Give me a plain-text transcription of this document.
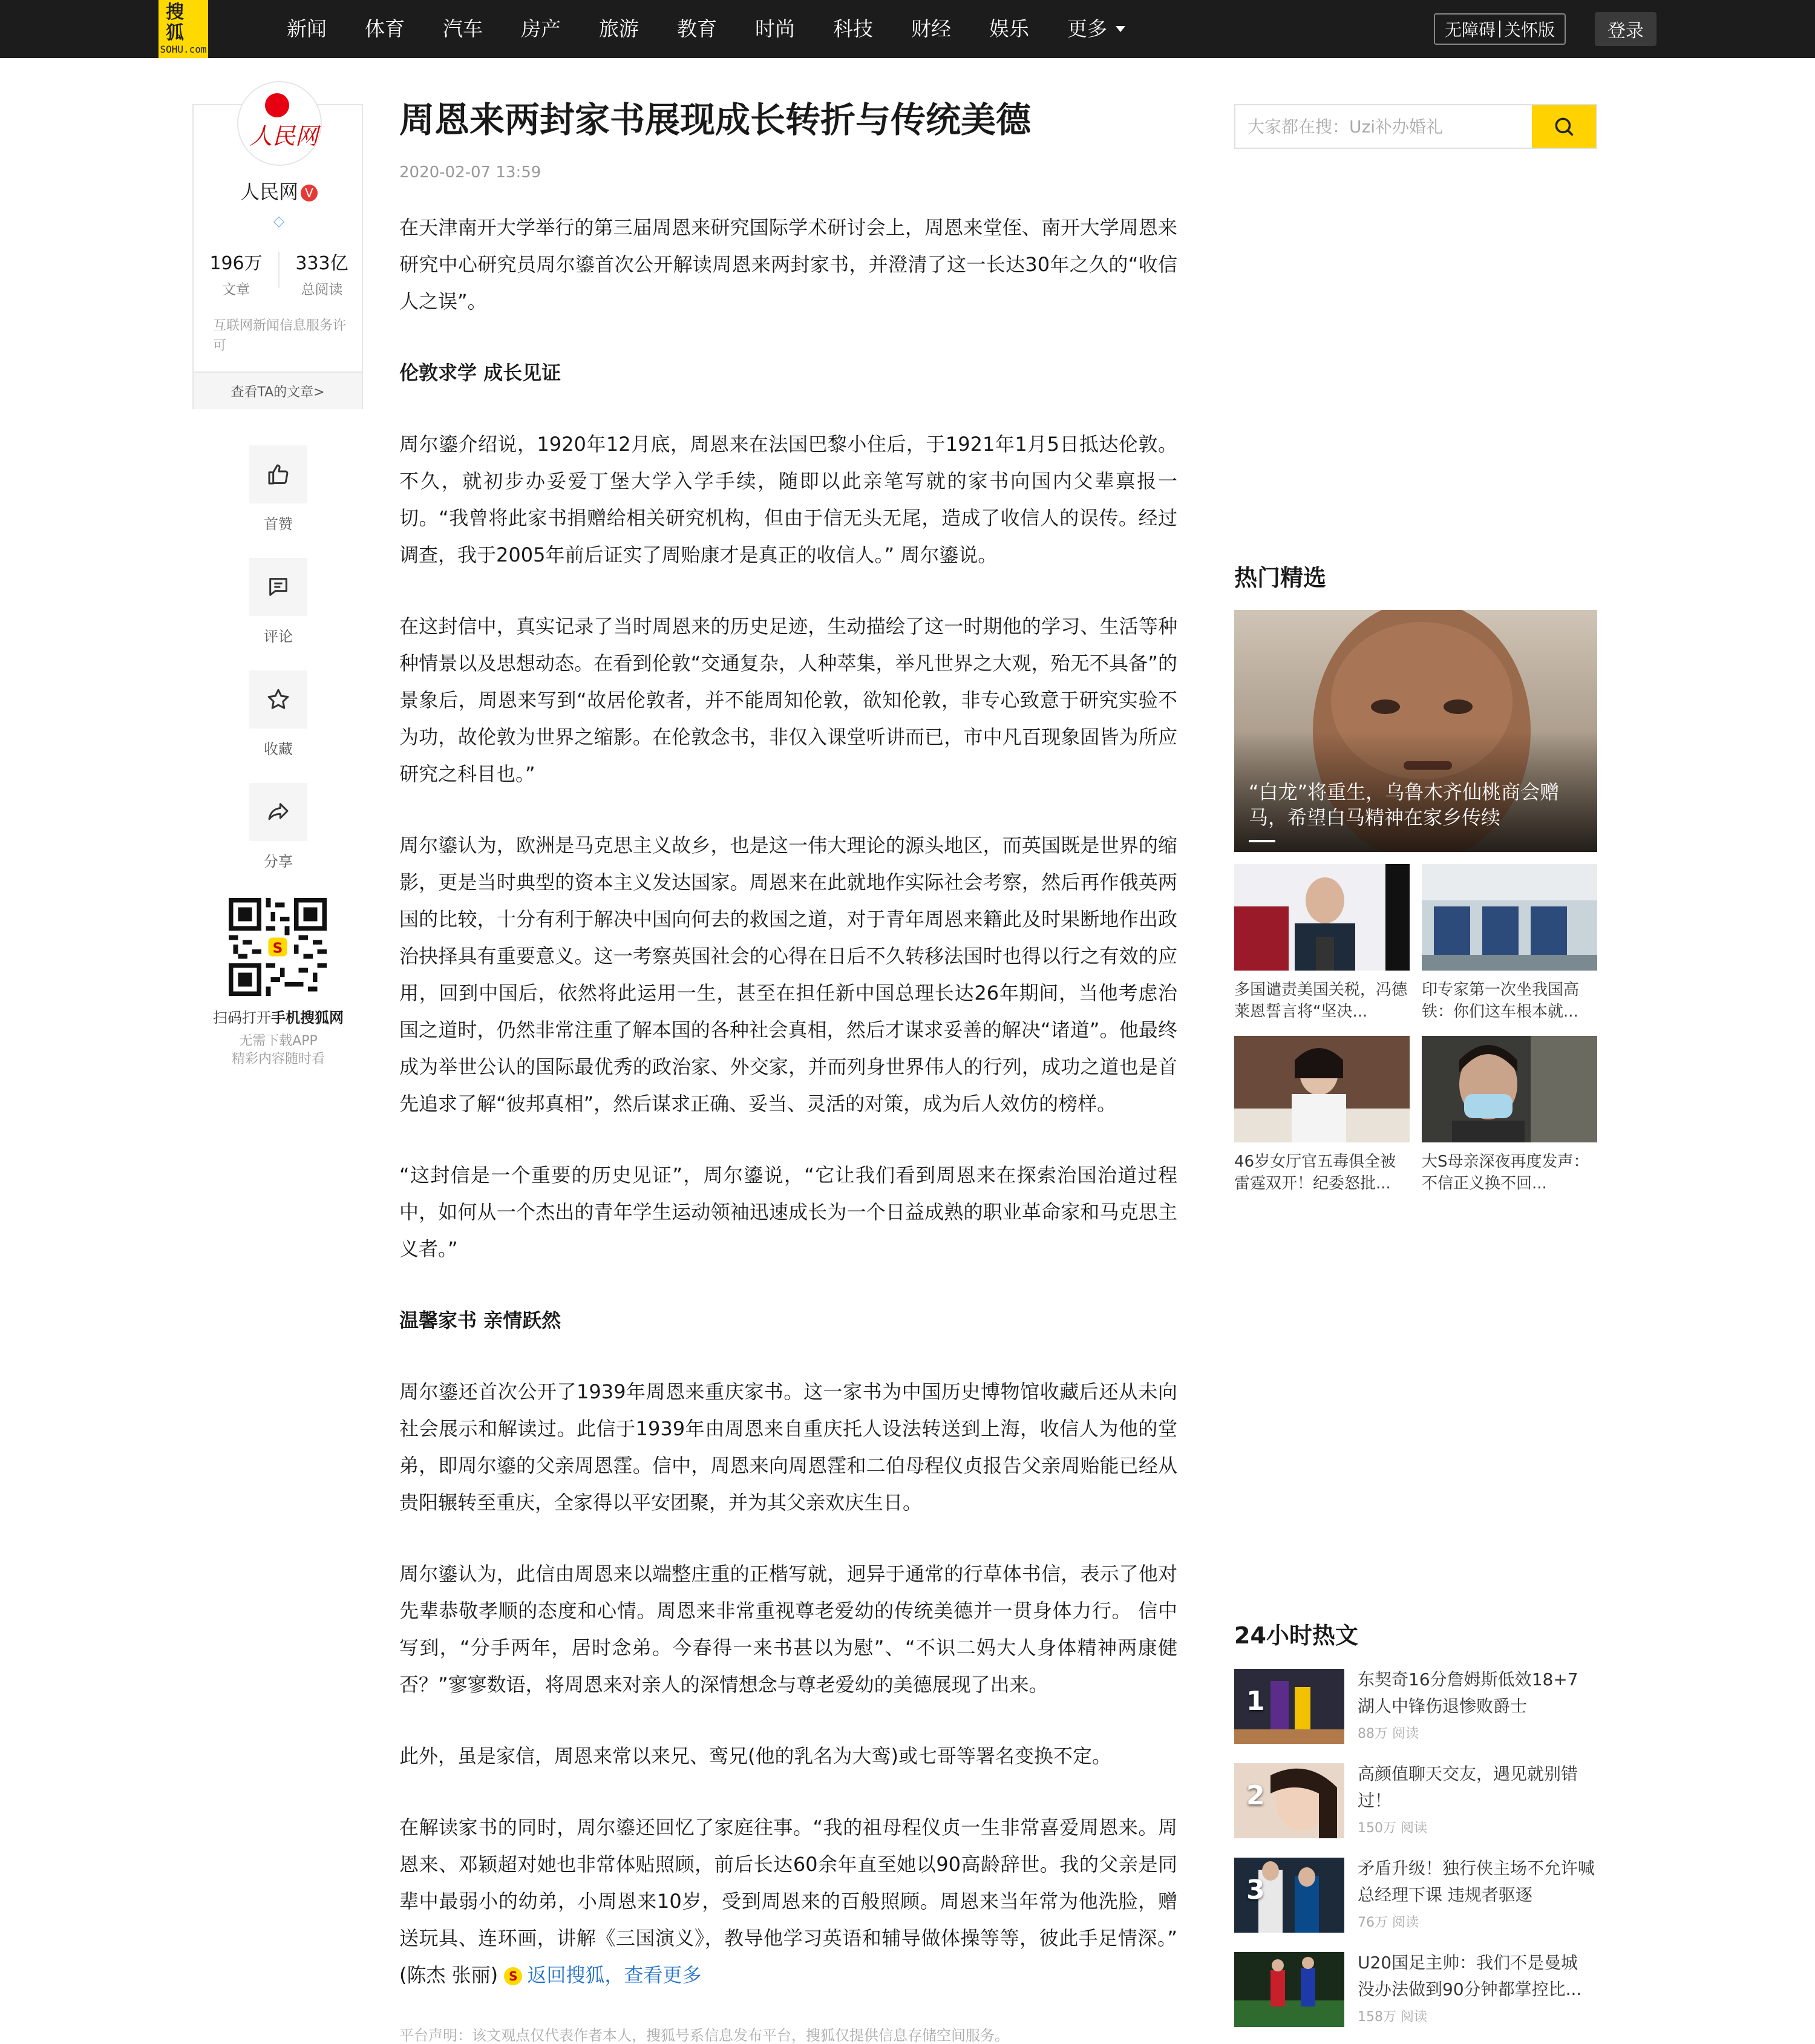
搜狐
SOHU.com
新闻 体育 汽车 房产 旅游 教育 时尚 科技 财经 娱乐 更多	无障碍 关怀版	登录
人民网
人民网 V
◇
196万
文章
333亿
总阅读
互联网新闻信息服务许可
查看TA的文章>
首赞
评论
收藏
分享
S
扫码打开手机搜狐网
无需下载APP
精彩内容随时看
周恩来两封家书展现成长转折与传统美德
2020-02-07 13:59

在天津南开大学举行的第三届周恩来研究国际学术研讨会上，周恩来堂侄、南开大学周恩来研究中心研究员周尔鎏首次公开解读周恩来两封家书，并澄清了这一长达30年之久的“收信人之误”。

伦敦求学 成长见证

周尔鎏介绍说，1920年12月底，周恩来在法国巴黎小住后，于1921年1月5日抵达伦敦。不久，就初步办妥爱丁堡大学入学手续，随即以此亲笔写就的家书向国内父辈禀报一切。“我曾将此家书捐赠给相关研究机构，但由于信无头无尾，造成了收信人的误传。经过调查，我于2005年前后证实了周贻康才是真正的收信人。” 周尔鎏说。

在这封信中，真实记录了当时周恩来的历史足迹，生动描绘了这一时期他的学习、生活等种种情景以及思想动态。在看到伦敦“交通复杂，人种萃集，举凡世界之大观，殆无不具备”的景象后，周恩来写到“故居伦敦者，并不能周知伦敦，欲知伦敦，非专心致意于研究实验不为功，故伦敦为世界之缩影。在伦敦念书，非仅入课堂听讲而已，市中凡百现象固皆为所应研究之科目也。”

周尔鎏认为，欧洲是马克思主义故乡，也是这一伟大理论的源头地区，而英国既是世界的缩影，更是当时典型的资本主义发达国家。周恩来在此就地作实际社会考察，然后再作俄英两国的比较，十分有利于解决中国向何去的救国之道，对于青年周恩来籍此及时果断地作出政治抉择具有重要意义。这一考察英国社会的心得在日后不久转移法国时也得以行之有效的应用，回到中国后，依然将此运用一生，甚至在担任新中国总理长达26年期间，当他考虑治国之道时，仍然非常注重了解本国的各种社会真相，然后才谋求妥善的解决“诸道”。他最终成为举世公认的国际最优秀的政治家、外交家，并而列身世界伟人的行列，成功之道也是首先追求了解“彼邦真相”，然后谋求正确、妥当、灵活的对策，成为后人效仿的榜样。

“这封信是一个重要的历史见证”，周尔鎏说，“它让我们看到周恩来在探索治国治道过程中，如何从一个杰出的青年学生运动领袖迅速成长为一个日益成熟的职业革命家和马克思主义者。”

温馨家书 亲情跃然

周尔鎏还首次公开了1939年周恩来重庆家书。这一家书为中国历史博物馆收藏后还从未向社会展示和解读过。此信于1939年由周恩来自重庆托人设法转送到上海，收信人为他的堂弟，即周尔鎏的父亲周恩霔。信中，周恩来向周恩霔和二伯母程仪贞报告父亲周贻能已经从贵阳辗转至重庆，全家得以平安团聚，并为其父亲欢庆生日。

周尔鎏认为，此信由周恩来以端整庄重的正楷写就，迥异于通常的行草体书信，表示了他对先辈恭敬孝顺的态度和心情。周恩来非常重视尊老爱幼的传统美德并一贯身体力行。 信中写到，“分手两年，居时念弟。今春得一来书甚以为慰”、“不识二妈大人身体精神两康健否？”寥寥数语，将周恩来对亲人的深情想念与尊老爱幼的美德展现了出来。

此外，虽是家信，周恩来常以来兄、鸾兄(他的乳名为大鸾)或七哥等署名变换不定。

在解读家书的同时，周尔鎏还回忆了家庭往事。“我的祖母程仪贞一生非常喜爱周恩来。周恩来、邓颖超对她也非常体贴照顾，前后长达60余年直至她以90高龄辞世。我的父亲是同辈中最弱小的幼弟，小周恩来10岁，受到周恩来的百般照顾。周恩来当年常为他洗脸，赠送玩具、连环画，讲解《三国演义》，教导他学习英语和辅导做体操等等，彼此手足情深。” (陈杰 张丽) S 返回搜狐，查看更多

平台声明：该文观点仅代表作者本人，搜狐号系信息发布平台，搜狐仅提供信息存储空间服务。
大家都在搜：Uzi补办婚礼
热门精选
“白龙”将重生，乌鲁木齐仙桃商会赠马，希望白马精神在家乡传续
多国谴责美国关税，冯德莱恩誓言将“坚决...
印专家第一次坐我国高铁：你们这车根本就...
46岁女厅官五毒俱全被雷霆双开！纪委怒批...
大S母亲深夜再度发声：不信正义换不回...
24小时热文
1
东契奇16分詹姆斯低效18+7 湖人中锋伤退惨败爵士
88万 阅读
2
高颜值聊天交友，遇见就别错过！
150万 阅读
3
矛盾升级！独行侠主场不允许喊总经理下课 违规者驱逐
76万 阅读
U20国足主帅：我们不是曼城 没办法做到90分钟都掌控比...
158万 阅读
